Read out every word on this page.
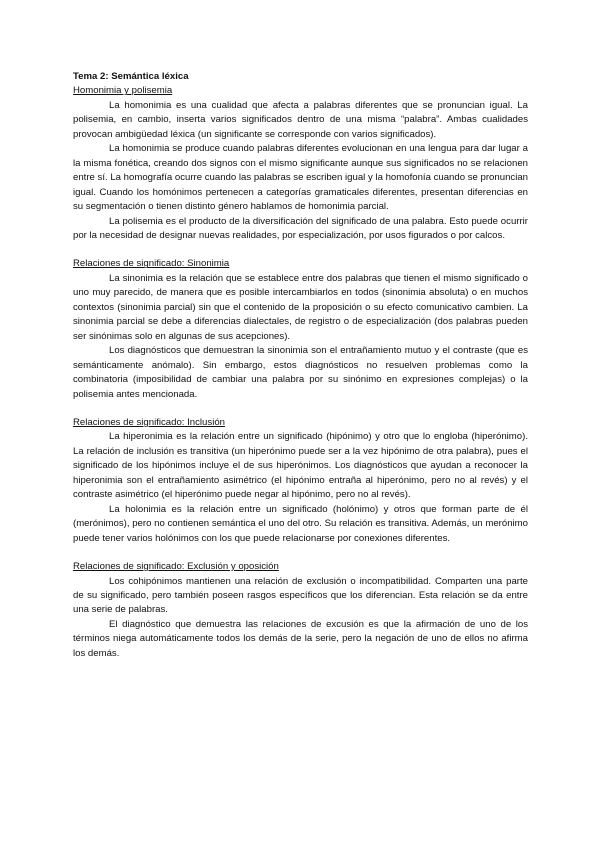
Tema 2: Semántica léxica
Homonimia y polisemia

La homonimia es una cualidad que afecta a palabras diferentes que se pronuncian igual. La polisemia, en cambio, inserta varios significados dentro de una misma “palabra”. Ambas cualidades provocan ambigüedad léxica (un significante se corresponde con varios significados).

La homonimia se produce cuando palabras diferentes evolucionan en una lengua para dar lugar a la misma fonética, creando dos signos con el mismo significante aunque sus significados no se relacionen entre sí. La homografía ocurre cuando las palabras se escriben igual y la homofonía cuando se pronuncian igual. Cuando los homónimos pertenecen a categorías gramaticales diferentes, presentan diferencias en su segmentación o tienen distinto género hablamos de homonimia parcial.

La polisemia es el producto de la diversificación del significado de una palabra. Esto puede ocurrir por la necesidad de designar nuevas realidades, por especialización, por usos figurados o por calcos.

Relaciones de significado: Sinonimia

La sinonimia es la relación que se establece entre dos palabras que tienen el mismo significado o uno muy parecido, de manera que es posible intercambiarlos en todos (sinonimia absoluta) o en muchos contextos (sinonimia parcial) sin que el contenido de la proposición o su efecto comunicativo cambien. La sinonimia parcial se debe a diferencias dialectales, de registro o de especialización (dos palabras pueden ser sinónimas solo en algunas de sus acepciones).

Los diagnósticos que demuestran la sinonimia son el entrañamiento mutuo y el contraste (que es semánticamente anómalo). Sin embargo, estos diagnósticos no resuelven problemas como la combinatoria (imposibilidad de cambiar una palabra por su sinónimo en expresiones complejas) o la polisemia antes mencionada.

Relaciones de significado: Inclusión

La hiperonimia es la relación entre un significado (hipónimo) y otro que lo engloba (hiperónimo). La relación de inclusión es transitiva (un hiperónimo puede ser a la vez hipónimo de otra palabra), pues el significado de los hipónimos incluye el de sus hiperónimos. Los diagnósticos que ayudan a reconocer la hiperonimia son el entrañamiento asimétrico (el hipónimo entraña al hiperónimo, pero no al revés) y el contraste asimétrico (el hiperónimo puede negar al hipónimo, pero no al revés).

La holonimia es la relación entre un significado (holónimo) y otros que forman parte de él (merónimos), pero no contienen semántica el uno del otro. Su relación es transitiva. Además, un merónimo puede tener varios holónimos con los que puede relacionarse por conexiones diferentes.

Relaciones de significado: Exclusión y oposición

Los cohipónimos mantienen una relación de exclusión o incompatibilidad. Comparten una parte de su significado, pero también poseen rasgos específicos que los diferencian. Esta relación se da entre una serie de palabras.

El diagnóstico que demuestra las relaciones de excusión es que la afirmación de uno de los términos niega automáticamente todos los demás de la serie, pero la negación de uno de ellos no afirma los demás.
